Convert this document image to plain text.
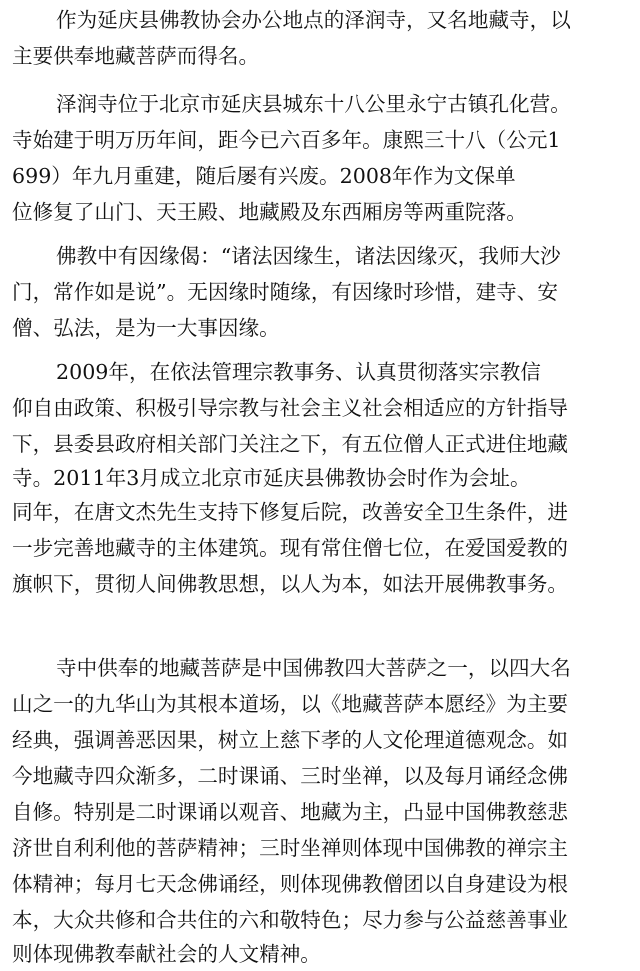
作为延庆县佛教协会办公地点的泽润寺，又名地藏寺，以
主要供奉地藏菩萨而得名。
泽润寺位于北京市延庆县城东十八公里永宁古镇孔化营。
寺始建于明万历年间，距今已六百多年。康熙三十八（公元1
699）年九月重建，随后屡有兴废。2008年作为文保单
位修复了山门、天王殿、地藏殿及东西厢房等两重院落。
佛教中有因缘偈：“诸法因缘生，诸法因缘灭，我师大沙
门，常作如是说”。无因缘时随缘，有因缘时珍惜，建寺、安
僧、弘法，是为一大事因缘。
2009年，在依法管理宗教事务、认真贯彻落实宗教信
仰自由政策、积极引导宗教与社会主义社会相适应的方针指导
下，县委县政府相关部门关注之下，有五位僧人正式进住地藏
寺。2011年3月成立北京市延庆县佛教协会时作为会址。
同年，在唐文杰先生支持下修复后院，改善安全卫生条件，进
一步完善地藏寺的主体建筑。现有常住僧七位，在爱国爱教的
旗帜下，贯彻人间佛教思想，以人为本，如法开展佛教事务。
寺中供奉的地藏菩萨是中国佛教四大菩萨之一，以四大名
山之一的九华山为其根本道场，以《地藏菩萨本愿经》为主要
经典，强调善恶因果，树立上慈下孝的人文伦理道德观念。如
今地藏寺四众渐多，二时课诵、三时坐禅，以及每月诵经念佛
自修。特别是二时课诵以观音、地藏为主，凸显中国佛教慈悲
济世自利利他的菩萨精神；三时坐禅则体现中国佛教的禅宗主
体精神；每月七天念佛诵经，则体现佛教僧团以自身建设为根
本，大众共修和合共住的六和敬特色；尽力参与公益慈善事业
则体现佛教奉献社会的人文精神。
